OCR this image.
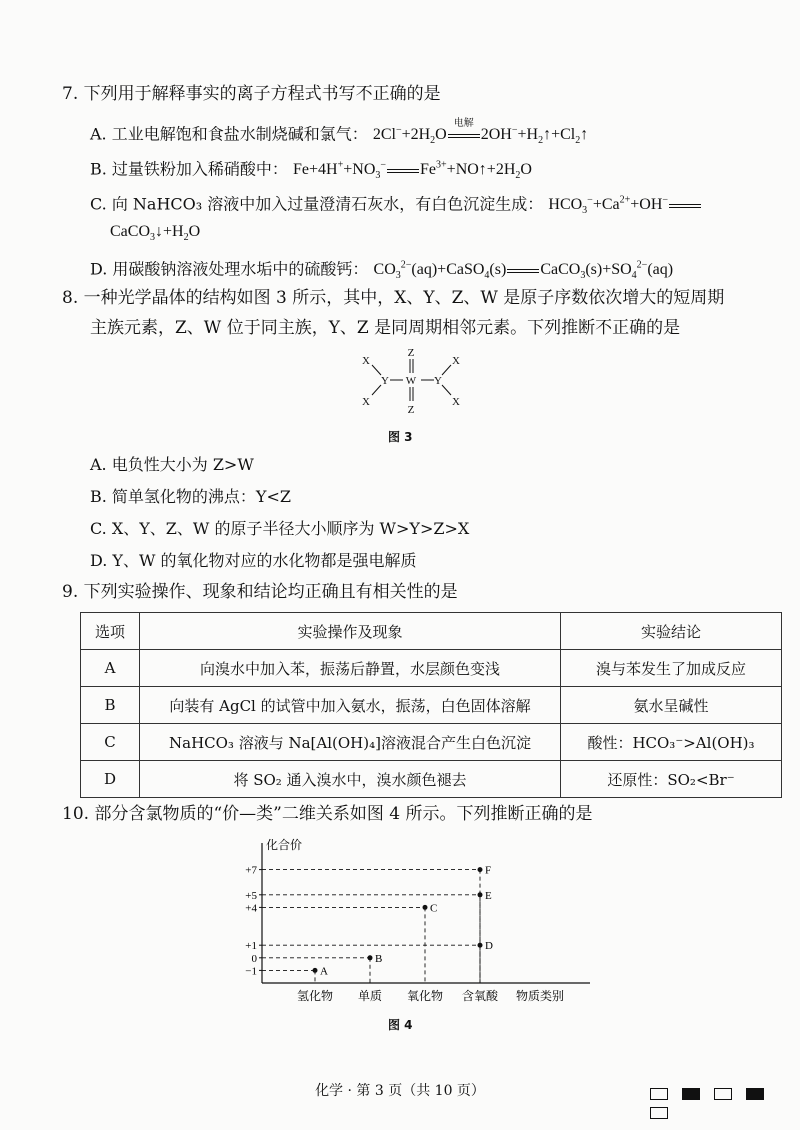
7. 下列用于解释事实的离子方程式书写不正确的是
A. 工业电解饱和食盐水制烧碱和氯气： $2Cl^-+2H_2O$
电解
$2OH^-+H_2↑+Cl_2↑$
B. 过量铁粉加入稀硝酸中： $Fe+4H^++NO_3^-$ $Fe^{3+}+NO↑+2H_2O$
C. 向 NaHCO₃ 溶液中加入过量澄清石灰水，有白色沉淀生成： $HCO_3^-+Ca^{2+}+OH^-$
$CaCO_3↓+H_2O$
D. 用碳酸钠溶液处理水垢中的硫酸钙： $CO_3^{2-}(aq)+CaSO_4(s)$ $CaCO_3(s)+SO_4^{2-}(aq)$
8. 一种光学晶体的结构如图 3 所示，其中，X、Y、Z、W 是原子序数依次增大的短周期
主族元素，Z、W 位于同主族，Y、Z 是同周期相邻元素。下列推断不正确的是
Z
W
Z
Y	Y
X
X
X
X
图 3
A. 电负性大小为 Z>W
B. 简单氢化物的沸点：Y<Z
C. X、Y、Z、W 的原子半径大小顺序为 W>Y>Z>X
D. Y、W 的氧化物对应的水化物都是强电解质
9. 下列实验操作、现象和结论均正确且有相关性的是
选项	实验操作及现象	实验结论
A	向溴水中加入苯，振荡后静置，水层颜色变浅	溴与苯发生了加成反应
B	向装有 AgCl 的试管中加入氨水，振荡，白色固体溶解	氨水呈碱性
C	NaHCO₃ 溶液与 Na[Al(OH)₄]溶液混合产生白色沉淀	酸性：HCO₃⁻>Al(OH)₃
D	将 SO₂ 通入溴水中，溴水颜色褪去	还原性：SO₂<Br⁻
10. 部分含氯物质的“价—类”二维关系如图 4 所示。下列推断正确的是
化合价
物质类别
−1
0
+1
+4
+5
+7
氢化物 单质 氧化物 含氧酸
A
B
C
D
E
F
图 4
化学 · 第 3 页（共 10 页）
